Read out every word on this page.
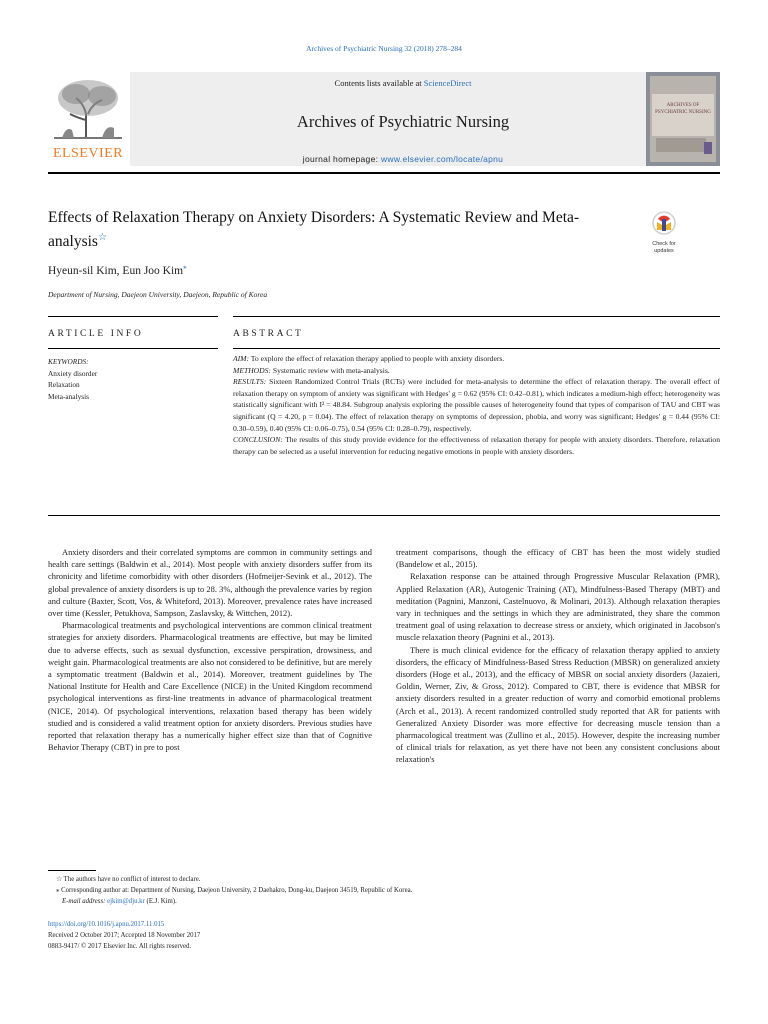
Archives of Psychiatric Nursing 32 (2018) 278–284
ELSEVIER
Contents lists available at ScienceDirect
Archives of Psychiatric Nursing
journal homepage: www.elsevier.com/locate/apnu
ARCHIVES OF
PSYCHIATRIC NURSING
Effects of Relaxation Therapy on Anxiety Disorders: A Systematic Review and Meta-analysis☆
Check for
updates
Hyeun-sil Kim, Eun Joo Kim⁎
Department of Nursing, Daejeon University, Daejeon, Republic of Korea
ARTICLE INFO	ABSTRACT
KEYWORDS:
Anxiety disorder
Relaxation
Meta-analysis

AIM: To explore the effect of relaxation therapy applied to people with anxiety disorders.

METHODS: Systematic review with meta-analysis.

RESULTS: Sixteen Randomized Control Trials (RCTs) were included for meta-analysis to determine the effect of relaxation therapy. The overall effect of relaxation therapy on symptom of anxiety was significant with Hedges' g = 0.62 (95% CI: 0.42–0.81), which indicates a medium-high effect; heterogeneity was statistically significant with I² = 48.84. Subgroup analysis exploring the possible causes of heterogeneity found that types of comparison of TAU and CBT was significant (Q = 4.20, p = 0.04). The effect of relaxation therapy on symptoms of depression, phobia, and worry was significant; Hedges' g = 0.44 (95% CI: 0.30–0.59), 0.40 (95% CI: 0.06–0.75), 0.54 (95% CI: 0.28–0.79), respectively.

CONCLUSION: The results of this study provide evidence for the effectiveness of relaxation therapy for people with anxiety disorders. Therefore, relaxation therapy can be selected as a useful intervention for reducing negative emotions in people with anxiety disorders.

Anxiety disorders and their correlated symptoms are common in community settings and health care settings (Baldwin et al., 2014). Most people with anxiety disorders suffer from its chronicity and lifetime comorbidity with other disorders (Hofmeijer-Sevink et al., 2012). The global prevalence of anxiety disorders is up to 28. 3%, although the prevalence varies by region and culture (Baxter, Scott, Vos, & Whiteford, 2013). Moreover, prevalence rates have increased over time (Kessler, Petukhova, Sampson, Zaslavsky, & Wittchen, 2012).

Pharmacological treatments and psychological interventions are common clinical treatment strategies for anxiety disorders. Pharmacological treatments are effective, but may be limited due to adverse effects, such as sexual dysfunction, excessive perspiration, drowsiness, and weight gain. Pharmacological treatments are also not considered to be definitive, but are merely a symptomatic treatment (Baldwin et al., 2014). Moreover, treatment guidelines by The National Institute for Health and Care Excellence (NICE) in the United Kingdom recommend psychological interventions as first-line treatments in advance of pharmacological treatment (NICE, 2014). Of psychological interventions, relaxation based therapy has been widely studied and is considered a valid treatment option for anxiety disorders. Previous studies have reported that relaxation therapy has a numerically higher effect size than that of Cognitive Behavior Therapy (CBT) in pre to post

treatment comparisons, though the efficacy of CBT has been the most widely studied (Bandelow et al., 2015).

Relaxation response can be attained through Progressive Muscular Relaxation (PMR), Applied Relaxation (AR), Autogenic Training (AT), Mindfulness-Based Therapy (MBT) and meditation (Pagnini, Manzoni, Castelnuovo, & Molinari, 2013). Although relaxation therapies vary in techniques and the settings in which they are administrated, they share the common treatment goal of using relaxation to decrease stress or anxiety, which originated in Jacobson's muscle relaxation theory (Pagnini et al., 2013).

There is much clinical evidence for the efficacy of relaxation therapy applied to anxiety disorders, the efficacy of Mindfulness-Based Stress Reduction (MBSR) on generalized anxiety disorders (Hoge et al., 2013), and the efficacy of MBSR on social anxiety disorders (Jazaieri, Goldin, Werner, Ziv, & Gross, 2012). Compared to CBT, there is evidence that MBSR for anxiety disorders resulted in a greater reduction of worry and comorbid emotional problems (Arch et al., 2013). A recent randomized controlled study reported that AR for patients with Generalized Anxiety Disorder was more effective for decreasing muscle tension than a pharmacological treatment was (Zullino et al., 2015). However, despite the increasing number of clinical trials for relaxation, as yet there have not been any consistent conclusions about relaxation's

☆ The authors have no conflict of interest to declare.
⁎ Corresponding author at: Department of Nursing, Daejeon University, 2 Daehakro, Dong-ku, Daejeon 34519, Republic of Korea.
E-mail address: ejkim@dju.kr (E.J. Kim).
https://doi.org/10.1016/j.apnu.2017.11.015
Received 2 October 2017; Accepted 18 November 2017
0883-9417/ © 2017 Elsevier Inc. All rights reserved.
